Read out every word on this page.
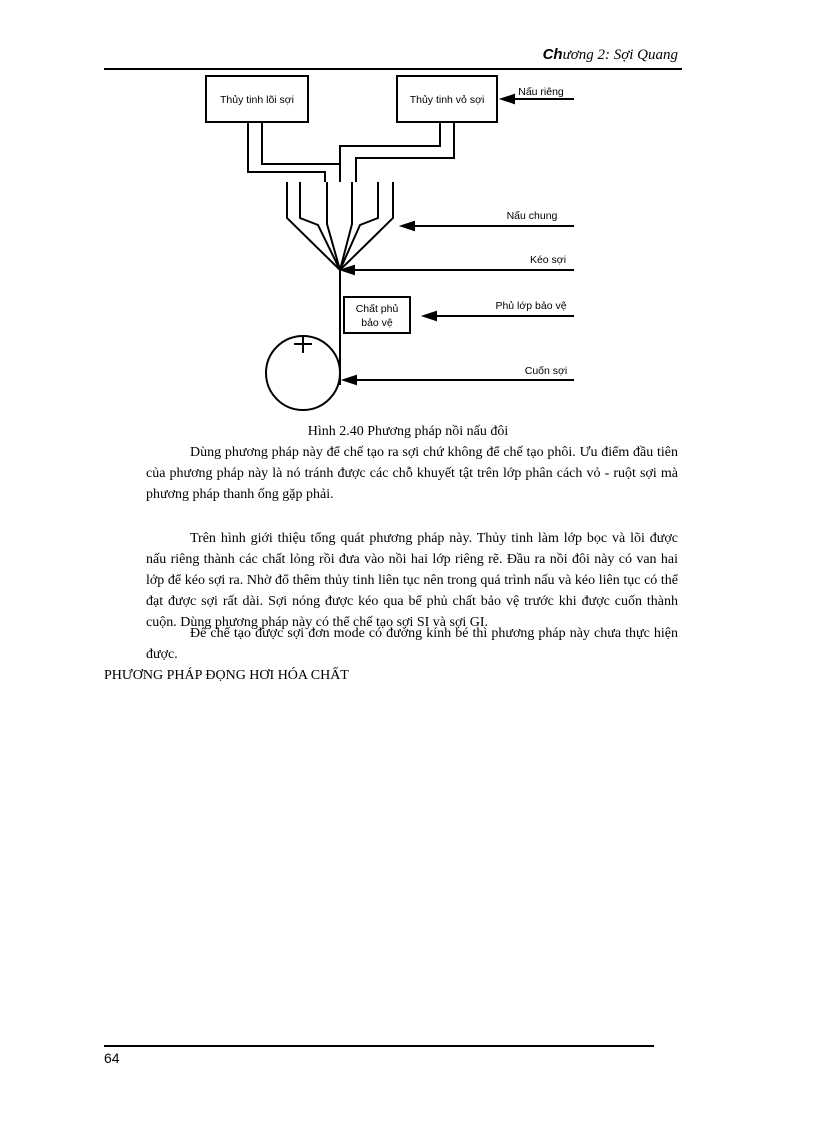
Chương 2: Sợi Quang
Thủy tinh lõi sợi	Thủy tinh vỏ sợi
Nấu riêng
Nấu chung
Kéo sợi
Chất phủ
bảo vệ
Phủ lớp bảo vệ
Cuốn sợi
Hình 2.40 Phương pháp nồi nấu đôi

Dùng phương pháp này để chế tạo ra sợi chứ không để chế tạo phôi. Ưu điểm đầu tiên của phương pháp này là nó tránh được các chỗ khuyết tật trên lớp phân cách vỏ - ruột sợi mà phương pháp thanh ống gặp phải.

Trên hình giới thiệu tổng quát phương pháp này. Thủy tinh làm lớp bọc và lõi được nấu riêng thành các chất lỏng rồi đưa vào nồi hai lớp riêng rẽ. Đầu ra nồi đôi này có van hai lớp để kéo sợi ra. Nhờ đổ thêm thủy tinh liên tục nên trong quá trình nấu và kéo liên tục có thể đạt được sợi rất dài. Sợi nóng được kéo qua bể phủ chất bảo vệ trước khi được cuốn thành cuộn. Dùng phương pháp này có thể chế tạo sợi SI và sợi GI.

Để chế tạo được sợi đơn mode có đường kính bé thì phương pháp này chưa thực hiện được.

PHƯƠNG PHÁP ĐỌNG HƠI HÓA CHẤT

64
